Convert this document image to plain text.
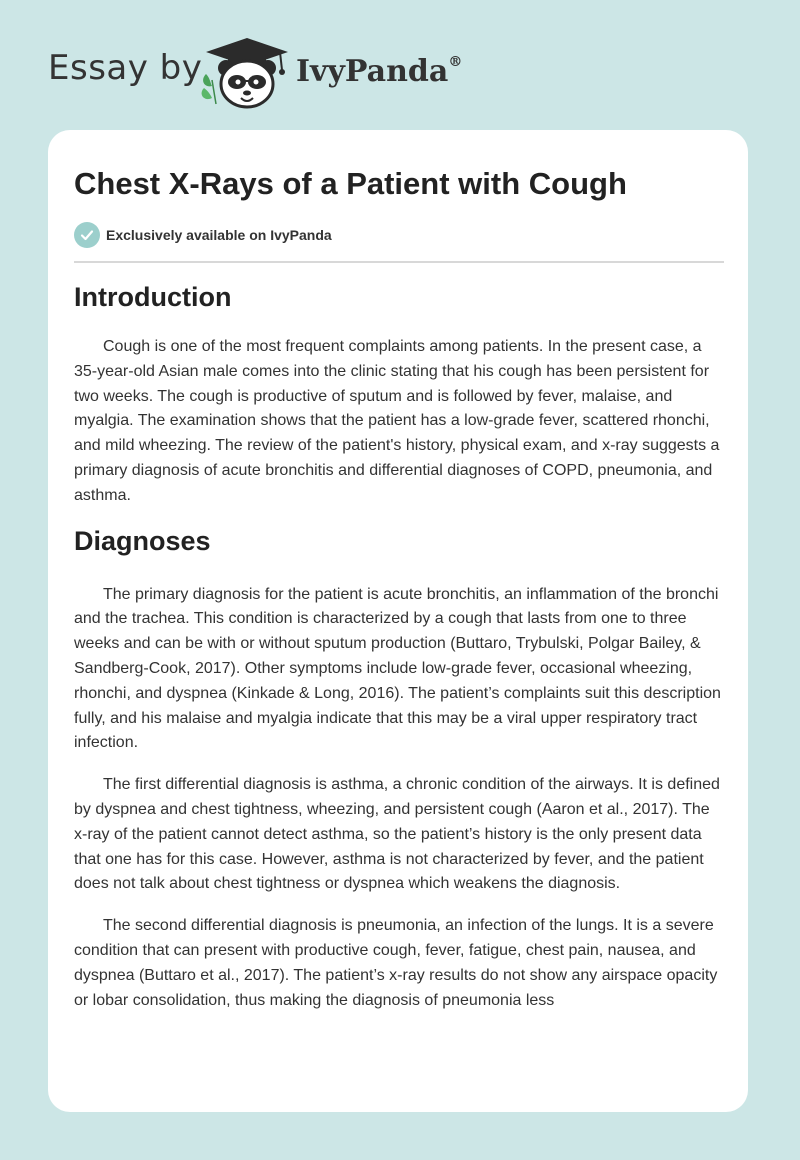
Essay by	IvyPanda®
Chest X-Rays of a Patient with Cough
Exclusively available on IvyPanda
Introduction

Cough is one of the most frequent complaints among patients. In the present case, a 35-year-old Asian male comes into the clinic stating that his cough has been persistent for two weeks. The cough is productive of sputum and is followed by fever, malaise, and myalgia. The examination shows that the patient has a low-grade fever, scattered rhonchi, and mild wheezing. The review of the patient's history, physical exam, and x-ray suggests a primary diagnosis of acute bronchitis and differential diagnoses of COPD, pneumonia, and asthma.

Diagnoses

The primary diagnosis for the patient is acute bronchitis, an inflammation of the bronchi and the trachea. This condition is characterized by a cough that lasts from one to three weeks and can be with or without sputum production (Buttaro, Trybulski, Polgar Bailey, & Sandberg-Cook, 2017). Other symptoms include low-grade fever, occasional wheezing, rhonchi, and dyspnea (Kinkade & Long, 2016). The patient’s complaints suit this description fully, and his malaise and myalgia indicate that this may be a viral upper respiratory tract infection.

The first differential diagnosis is asthma, a chronic condition of the airways. It is defined by dyspnea and chest tightness, wheezing, and persistent cough (Aaron et al., 2017). The x-ray of the patient cannot detect asthma, so the patient’s history is the only present data that one has for this case. However, asthma is not characterized by fever, and the patient does not talk about chest tightness or dyspnea which weakens the diagnosis.

The second differential diagnosis is pneumonia, an infection of the lungs. It is a severe condition that can present with productive cough, fever, fatigue, chest pain, nausea, and dyspnea (Buttaro et al., 2017). The patient’s x-ray results do not show any airspace opacity or lobar consolidation, thus making the diagnosis of pneumonia less
